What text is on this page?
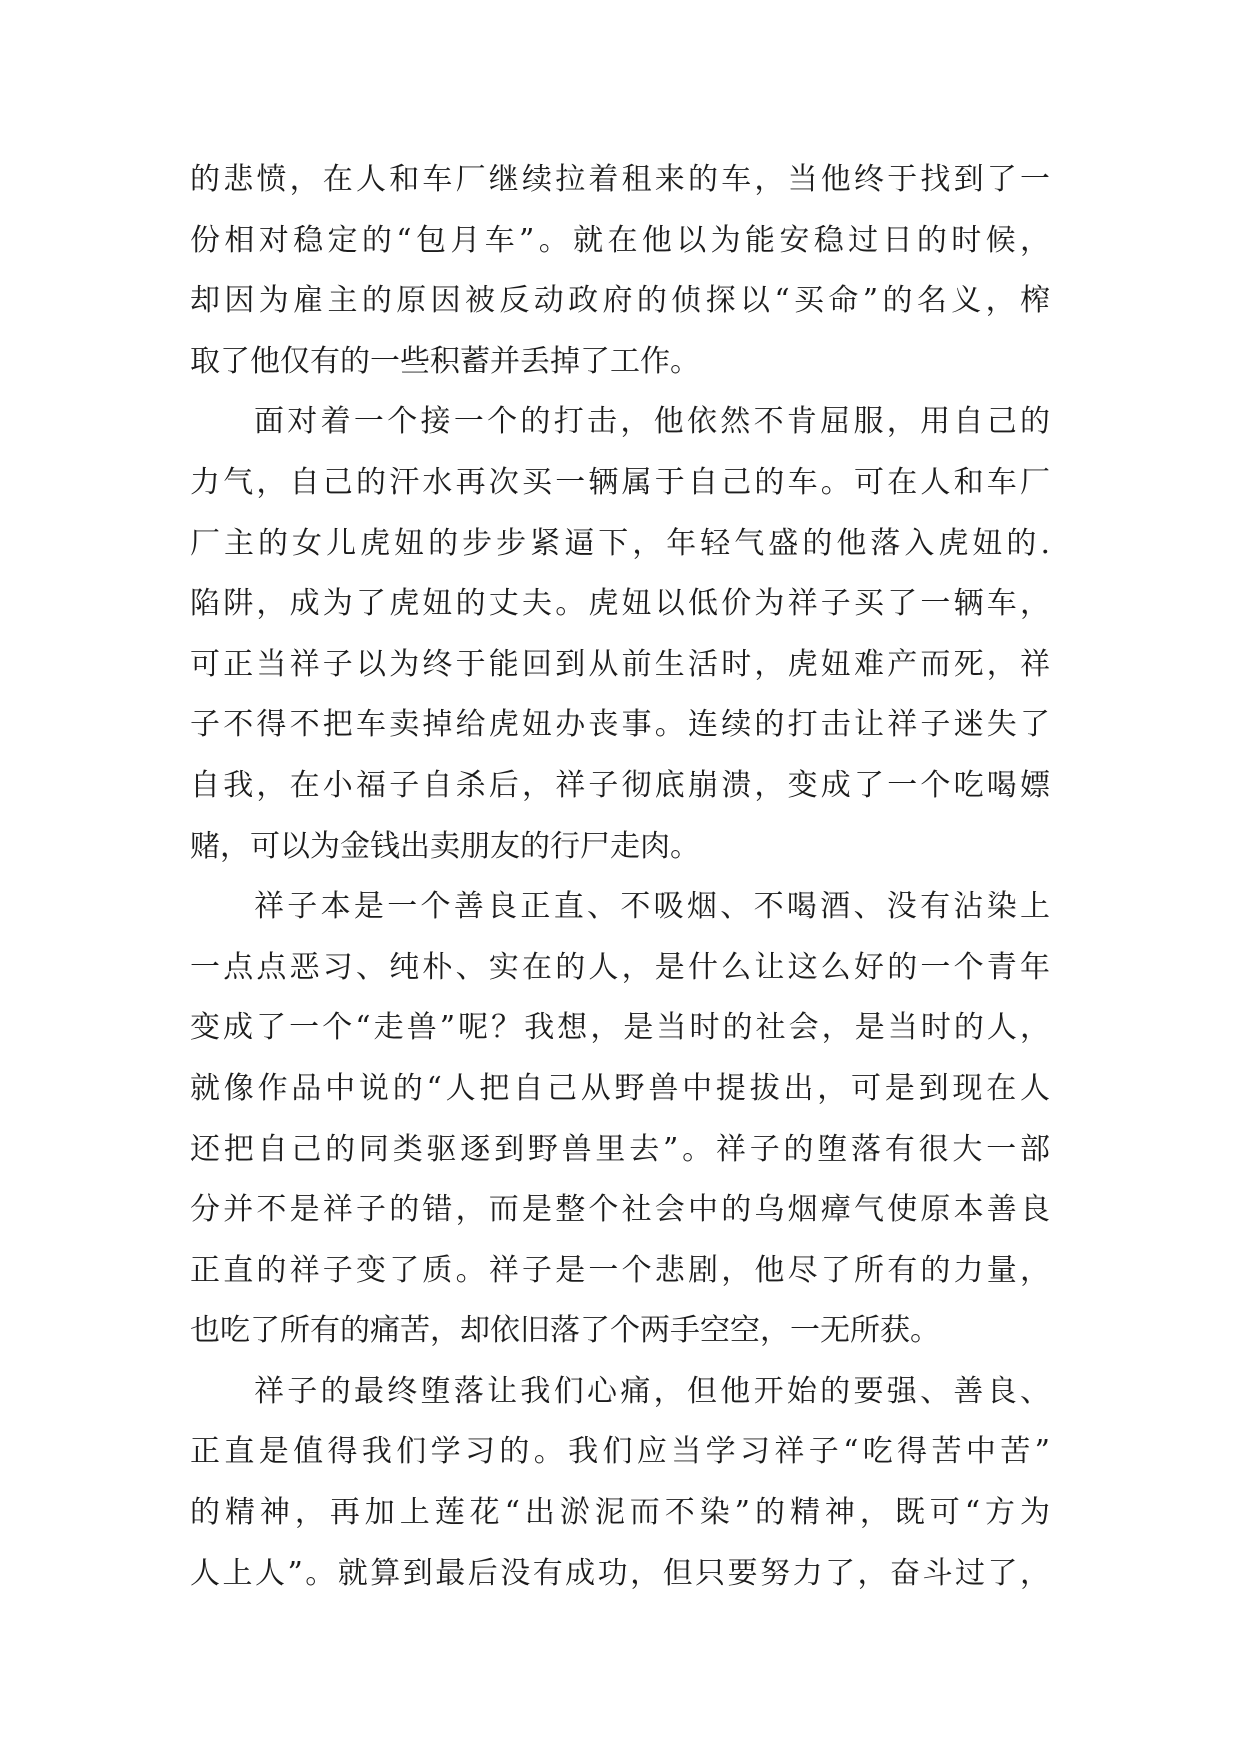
的悲愤，在人和车厂继续拉着租来的车，当他终于找到了一
份相对稳定的“包月车”。就在他以为能安稳过日的时候，
却因为雇主的原因被反动政府的侦探以“买命”的名义，榨
取了他仅有的一些积蓄并丢掉了工作。
面对着一个接一个的打击，他依然不肯屈服，用自己的
力气，自己的汗水再次买一辆属于自己的车。可在人和车厂
厂主的女儿虎妞的步步紧逼下，年轻气盛的他落入虎妞的.
陷阱，成为了虎妞的丈夫。虎妞以低价为祥子买了一辆车，
可正当祥子以为终于能回到从前生活时，虎妞难产而死，祥
子不得不把车卖掉给虎妞办丧事。连续的打击让祥子迷失了
自我，在小福子自杀后，祥子彻底崩溃，变成了一个吃喝嫖
赌，可以为金钱出卖朋友的行尸走肉。
祥子本是一个善良正直、不吸烟、不喝酒、没有沾染上
一点点恶习、纯朴、实在的人，是什么让这么好的一个青年
变成了一个“走兽”呢？我想，是当时的社会，是当时的人，
就像作品中说的“人把自己从野兽中提拔出，可是到现在人
还把自己的同类驱逐到野兽里去”。祥子的堕落有很大一部
分并不是祥子的错，而是整个社会中的乌烟瘴气使原本善良
正直的祥子变了质。祥子是一个悲剧，他尽了所有的力量，
也吃了所有的痛苦，却依旧落了个两手空空，一无所获。
祥子的最终堕落让我们心痛，但他开始的要强、善良、
正直是值得我们学习的。我们应当学习祥子“吃得苦中苦”
的精神，再加上莲花“出淤泥而不染”的精神，既可“方为
人上人”。就算到最后没有成功，但只要努力了，奋斗过了，
